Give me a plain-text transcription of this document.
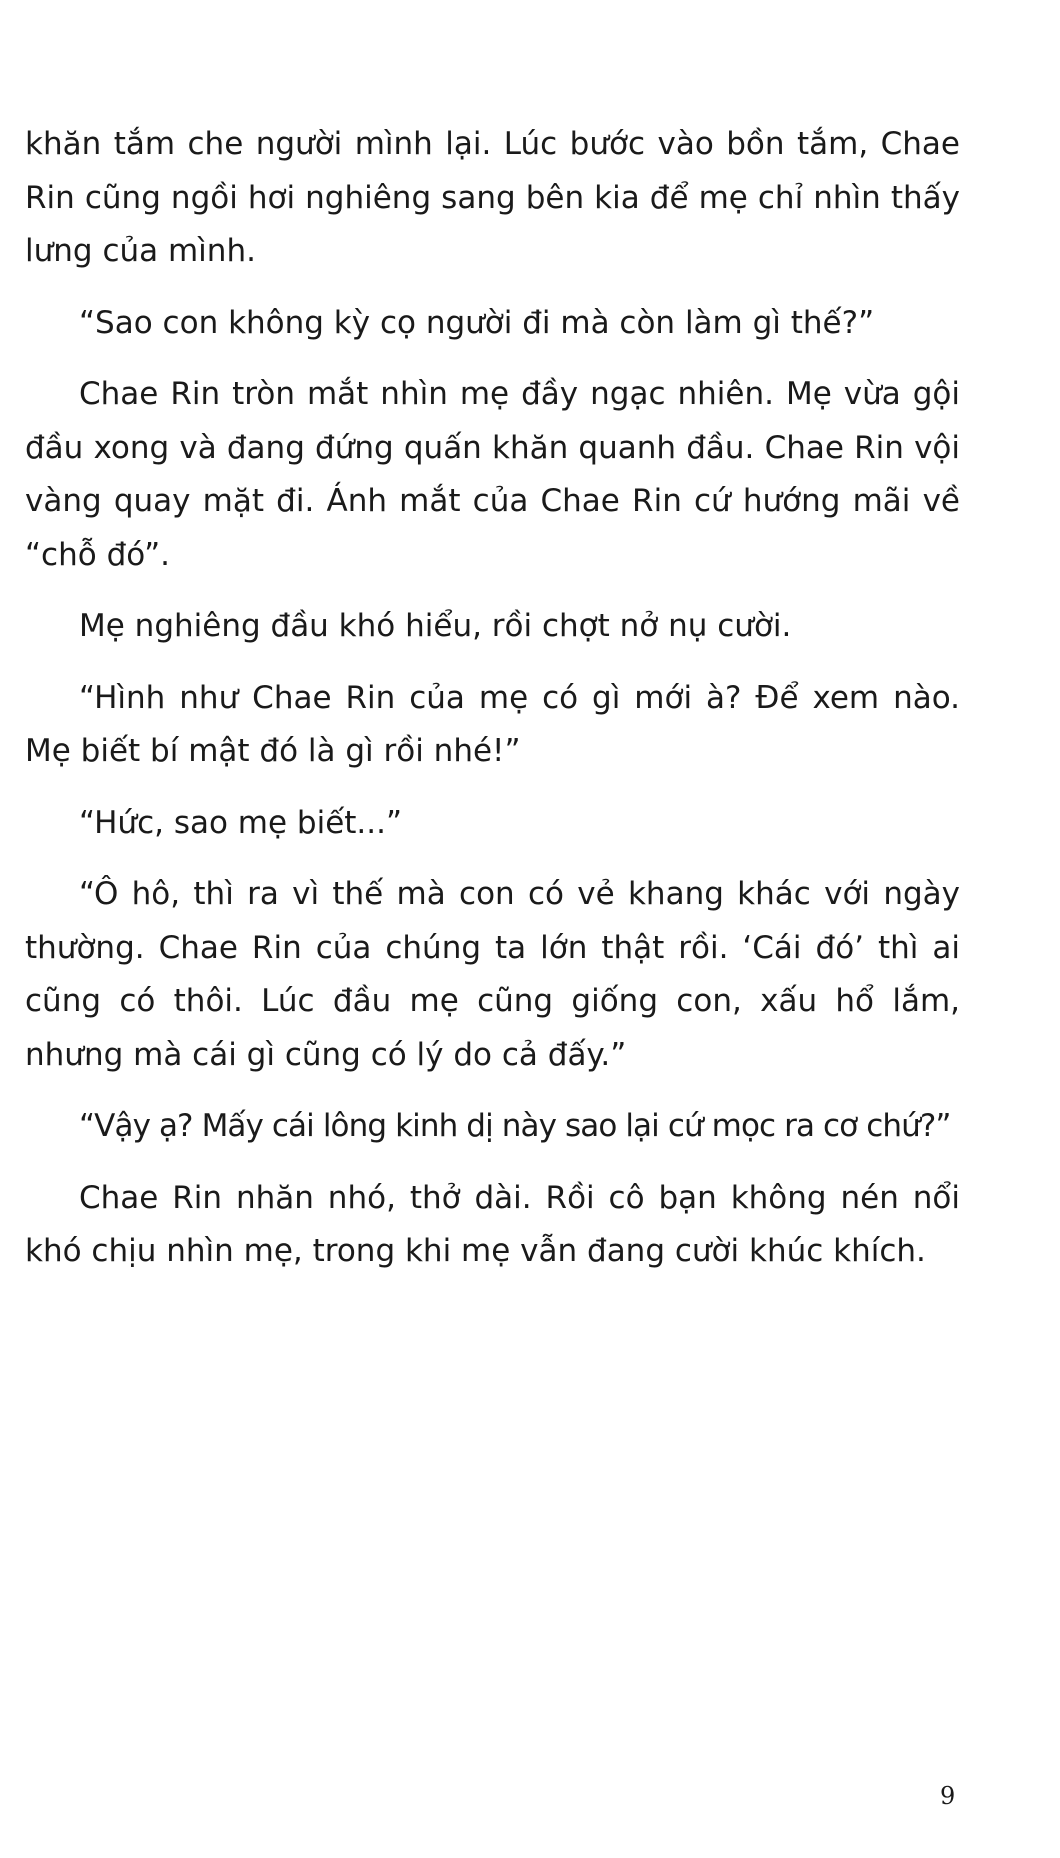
khăn tắm che người mình lại. Lúc bước vào bồn tắm, Chae Rin cũng ngồi hơi nghiêng sang bên kia để mẹ chỉ nhìn thấy lưng của mình.

“Sao con không kỳ cọ người đi mà còn làm gì thế?”

Chae Rin tròn mắt nhìn mẹ đầy ngạc nhiên. Mẹ vừa gội đầu xong và đang đứng quấn khăn quanh đầu. Chae Rin vội vàng quay mặt đi. Ánh mắt của Chae Rin cứ hướng mãi về “chỗ đó”.

Mẹ nghiêng đầu khó hiểu, rồi chợt nở nụ cười.

“Hình như Chae Rin của mẹ có gì mới à? Để xem nào. Mẹ biết bí mật đó là gì rồi nhé!”

“Hức, sao mẹ biết...”

“Ô hô, thì ra vì thế mà con có vẻ khang khác với ngày thường. Chae Rin của chúng ta lớn thật rồi. ‘Cái đó’ thì ai cũng có thôi. Lúc đầu mẹ cũng giống con, xấu hổ lắm, nhưng mà cái gì cũng có lý do cả đấy.”

“Vậy ạ? Mấy cái lông kinh dị này sao lại cứ mọc ra cơ chứ?”

Chae Rin nhăn nhó, thở dài. Rồi cô bạn không nén nổi khó chịu nhìn mẹ, trong khi mẹ vẫn đang cười khúc khích.

9
